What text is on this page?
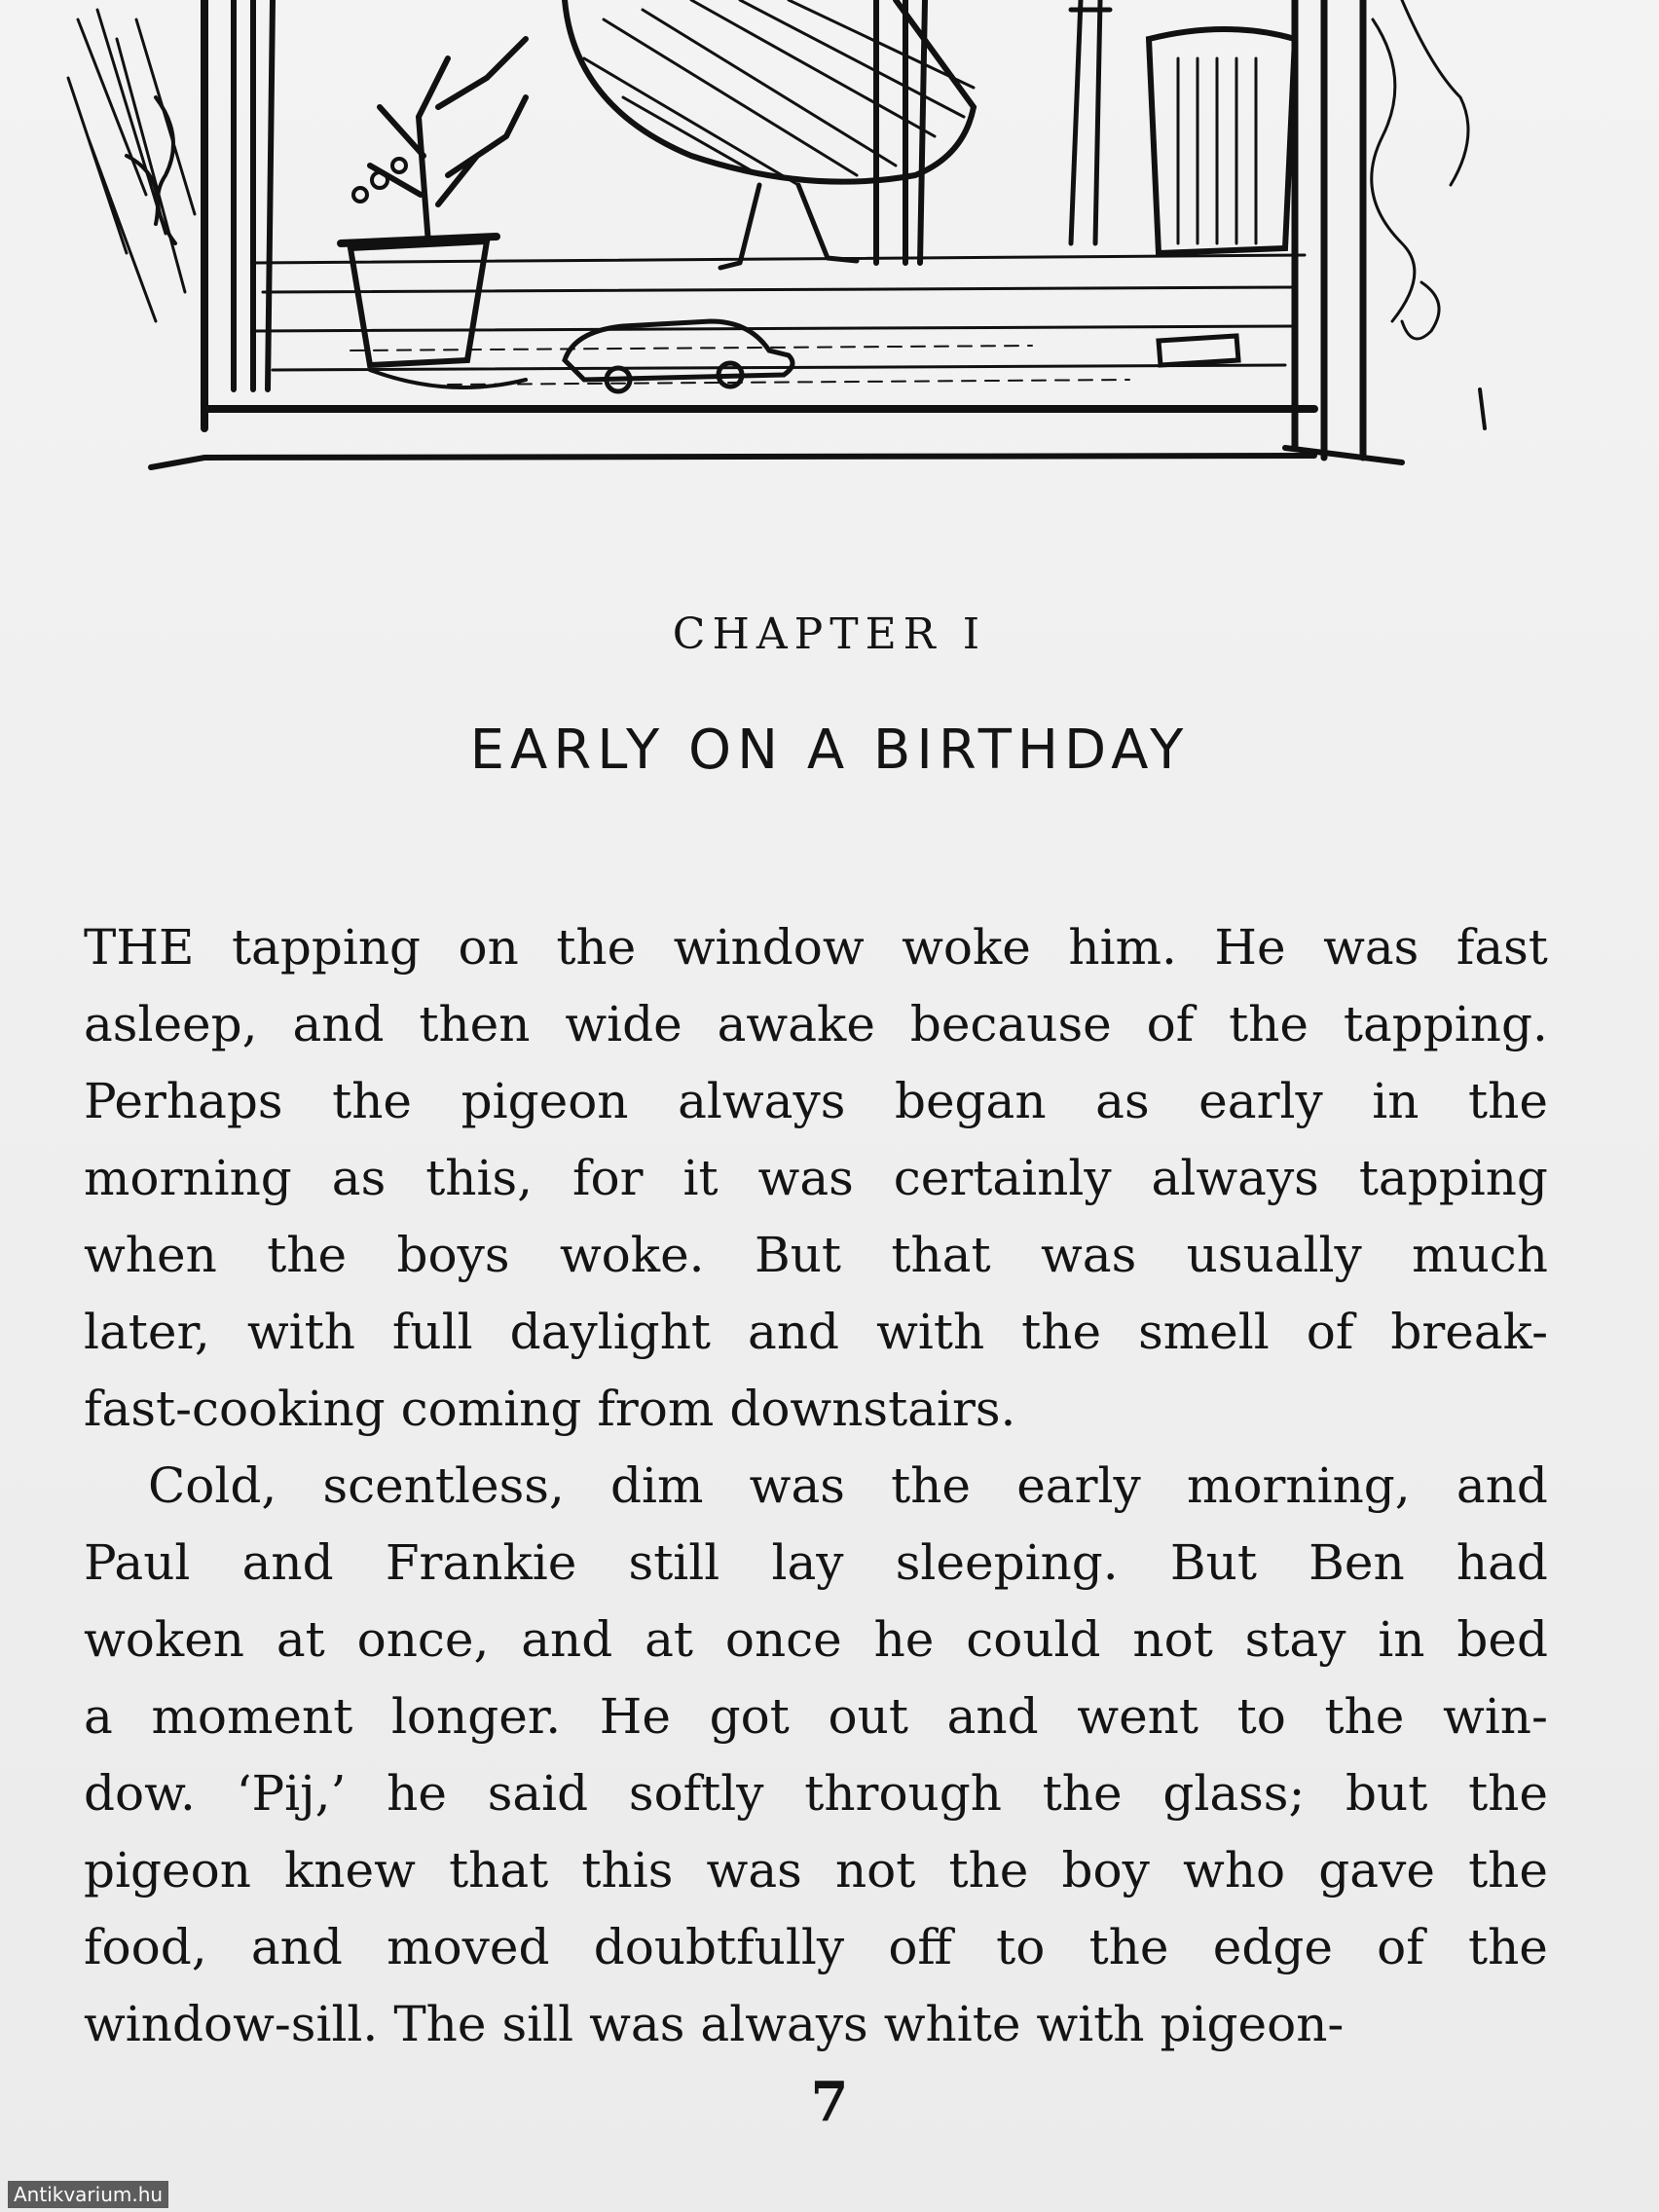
CHAPTER I
EARLY ON A BIRTHDAY
THE tapping on the window woke him. He was fast
asleep, and then wide awake because of the tapping.
Perhaps the pigeon always began as early in the
morning as this, for it was certainly always tapping
when the boys woke. But that was usually much
later, with full daylight and with the smell of break-
fast-cooking coming from downstairs.
Cold, scentless, dim was the early morning, and
Paul and Frankie still lay sleeping. But Ben had
woken at once, and at once he could not stay in bed
a moment longer. He got out and went to the win-
dow. ‘Pij,’ he said softly through the glass; but the
pigeon knew that this was not the boy who gave the
food, and moved doubtfully off to the edge of the
window-sill. The sill was always white with pigeon-
7
Antikvarium.hu
